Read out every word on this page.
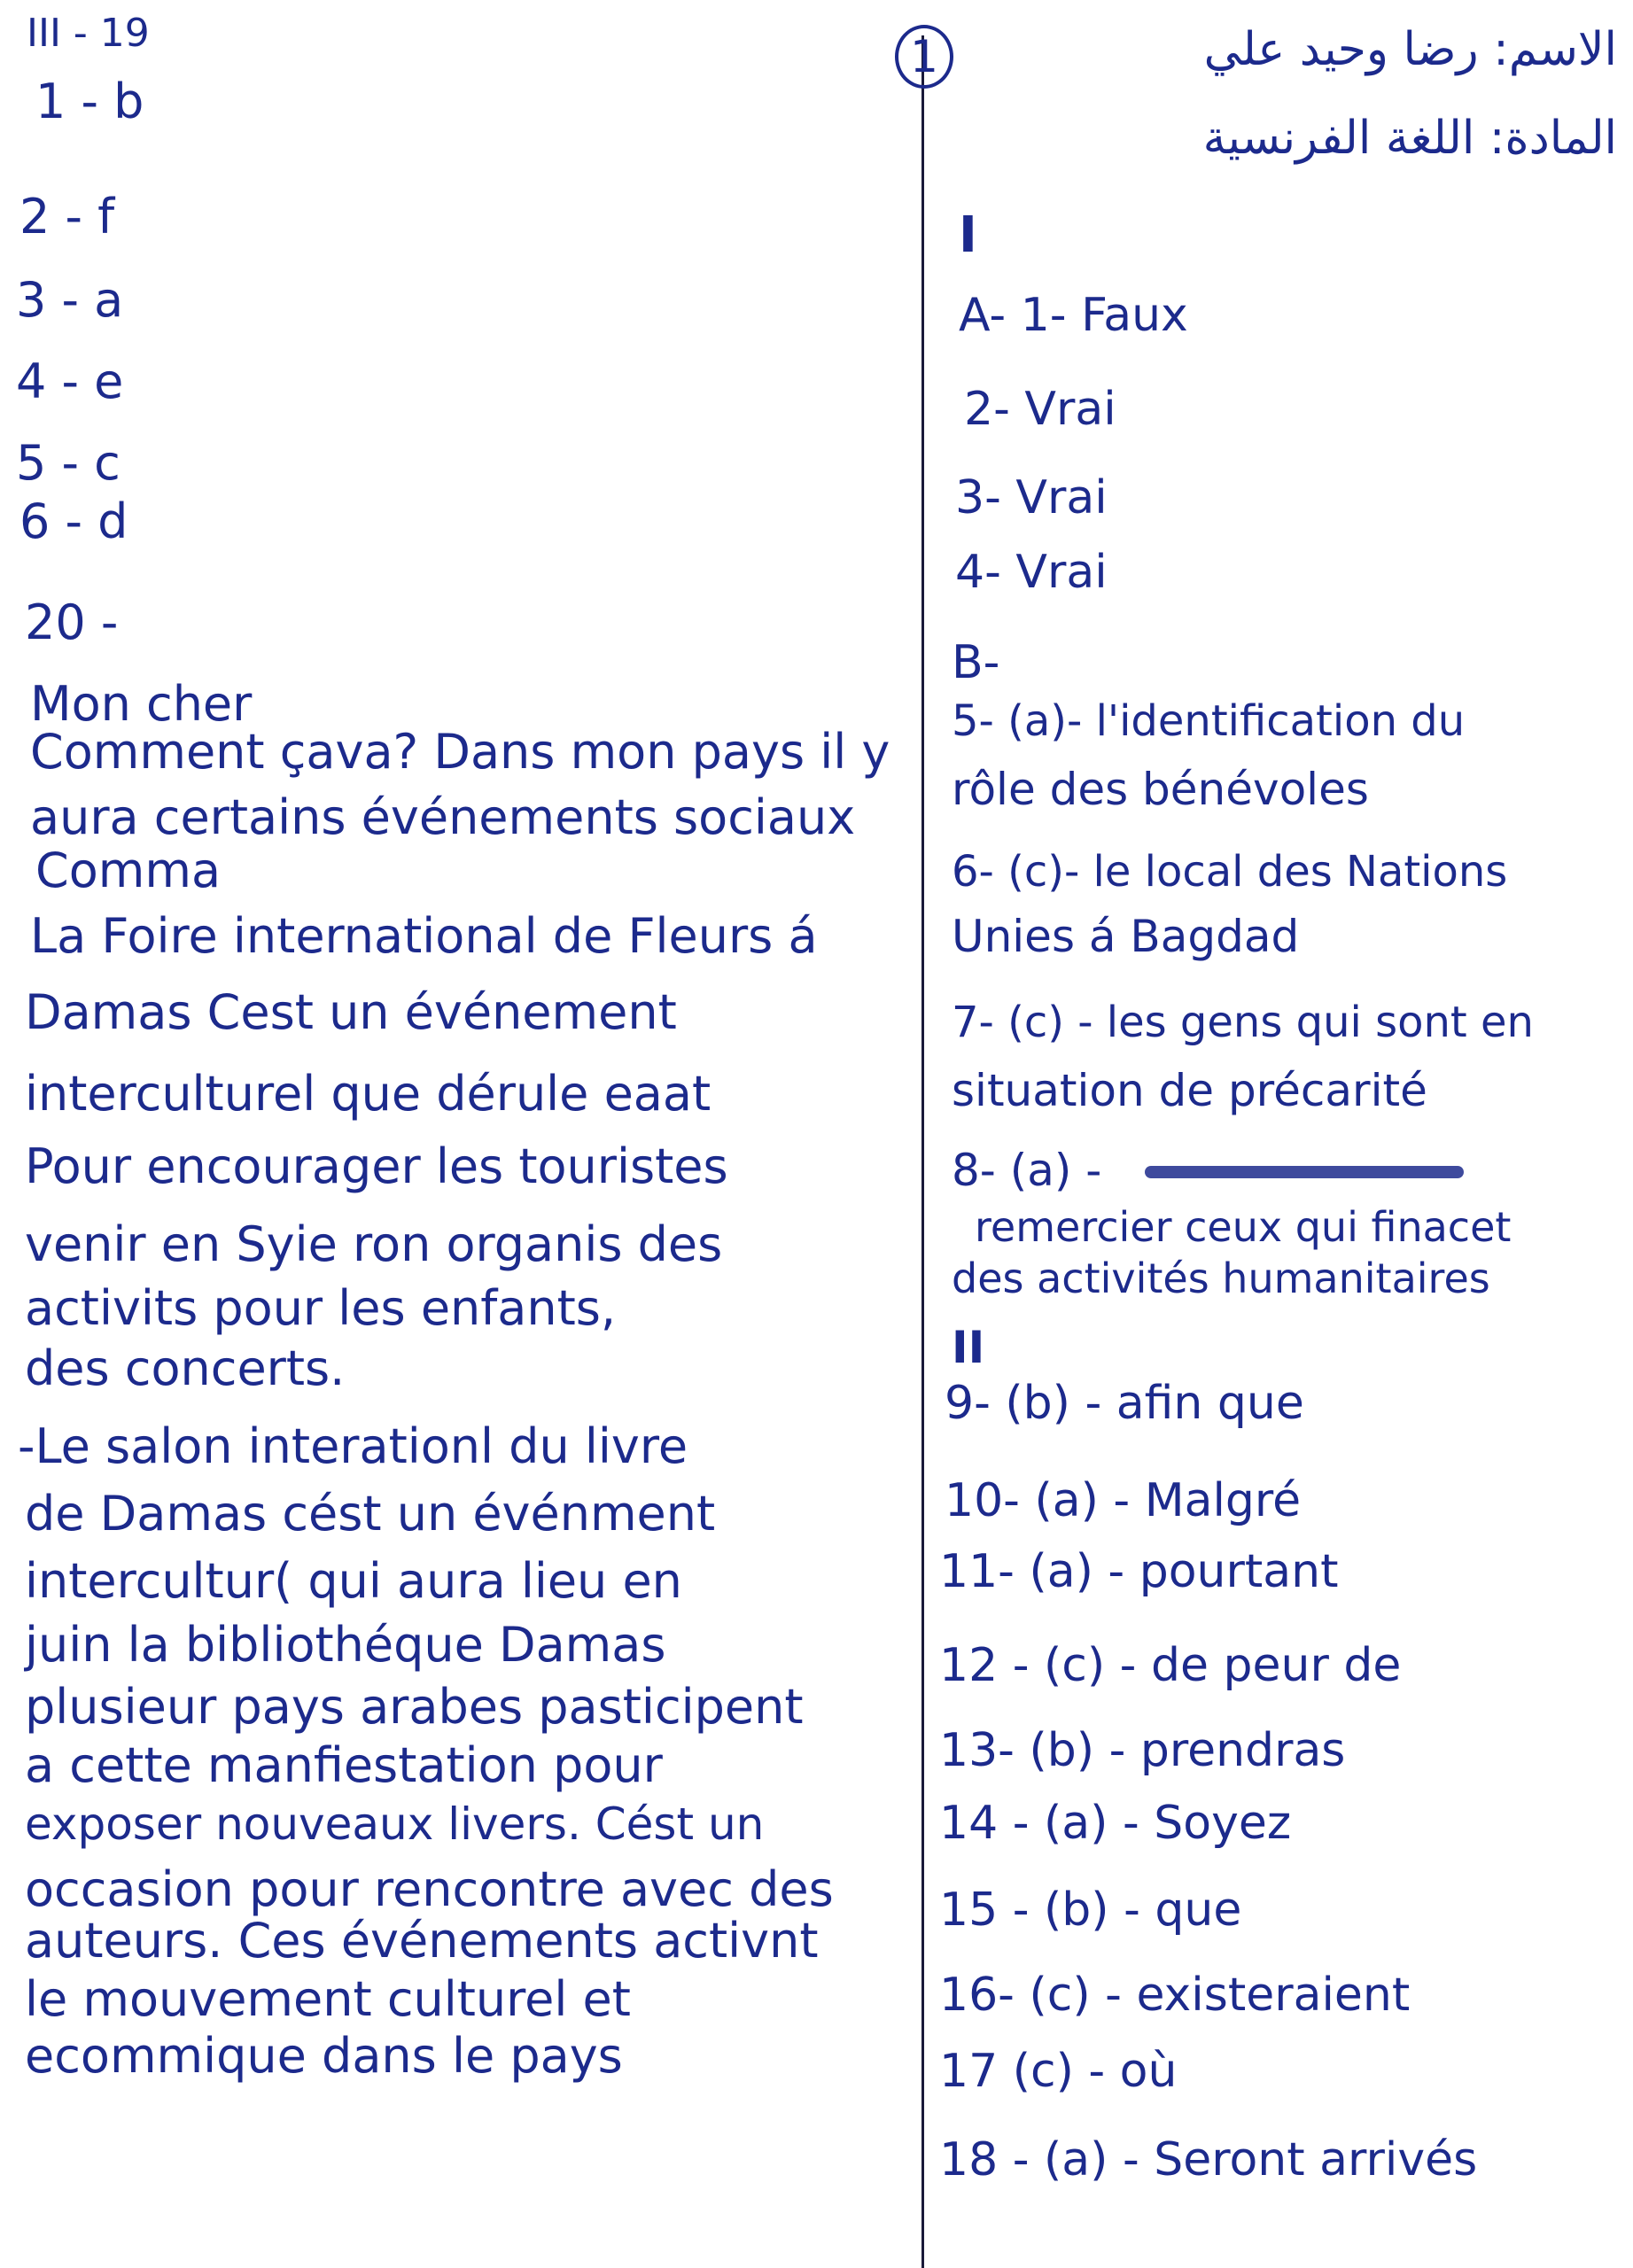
1	الاسم: رضا وحيد علي
المادة: اللغة الفرنسية
III - 19
1 - b
2 - f
3 - a
4 - e
5 - c
6 - d
20 -
Mon cher
Comment çava? Dans mon pays il y
aura certains événements sociaux
Comma
La Foire international de Fleurs á
Damas Cest un événement
interculturel que dérule eaat
Pour encourager les touristes
venir en Syie ron organis des
activits pour les enfants,
des concerts.
-Le salon interationl du livre
de Damas cést un événment
intercultur( qui aura lieu en
juin la bibliothéque Damas
plusieur pays arabes pasticipent
a cette manfiestation pour
exposer nouveaux livers. Cést un
occasion pour rencontre avec des
auteurs. Ces événements activnt
le mouvement culturel et
ecommique dans le pays
I
A- 1- Faux
2- Vrai
3- Vrai
4- Vrai
B-
5- (a)- l'identification du
rôle des bénévoles
6- (c)- le local des Nations
Unies á Bagdad
7- (c) - les gens qui sont en
situation de précarité
8- (a) -
remercier ceux qui finacet
des activités humanitaires
II
9- (b) - afin que
10- (a) - Malgré
11- (a) - pourtant
12 - (c) - de peur de
13- (b) - prendras
14 - (a) - Soyez
15 - (b) - que
16- (c) - existeraient
17 (c) - où
18 - (a) - Seront arrivés
